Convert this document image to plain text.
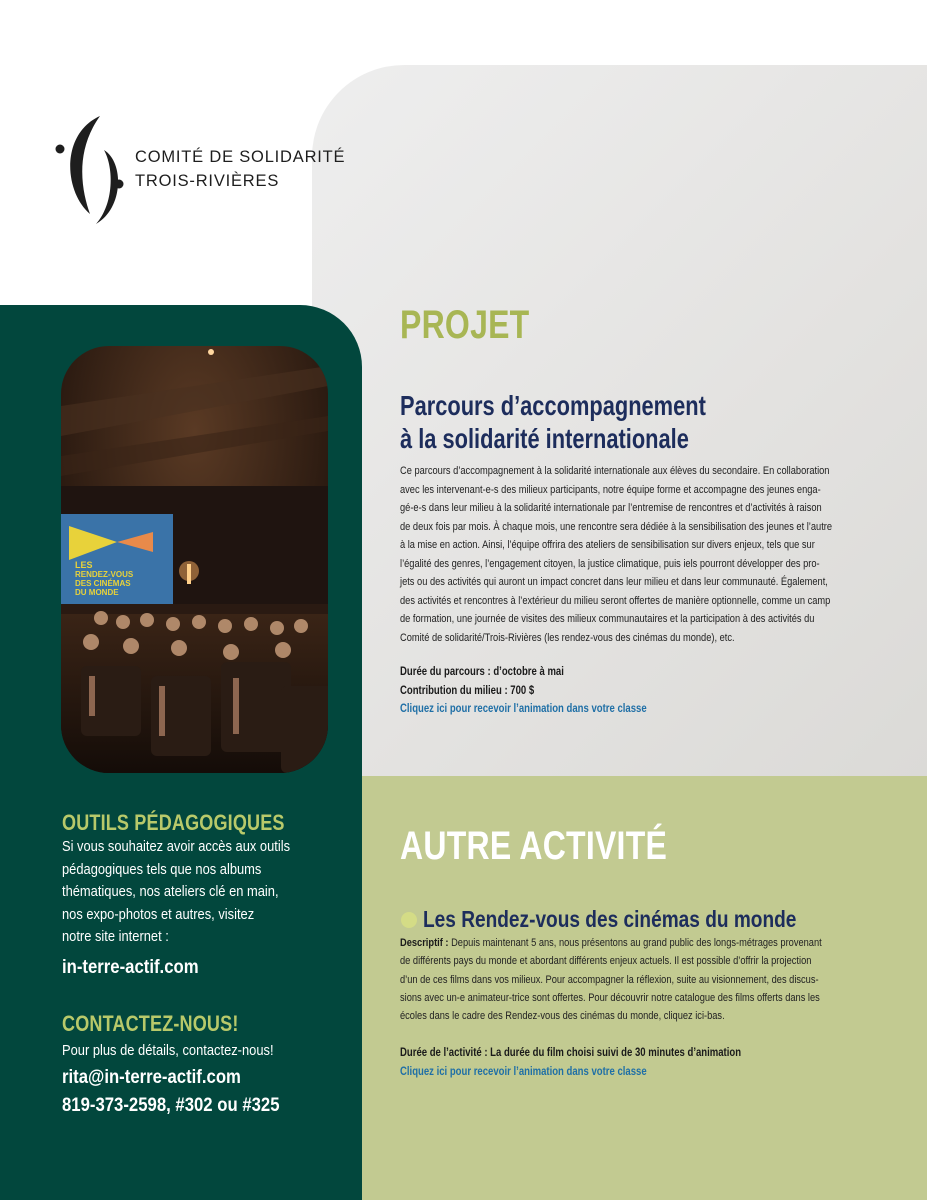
COMITÉ DE SOLIDARITÉ
TROIS-RIVIÈRES
LES
RENDEZ-VOUS
DES CINÉMAS
DU MONDE
OUTILS PÉDAGOGIQUES
Si vous souhaitez avoir accès aux outils
pédagogiques tels que nos albums
thématiques, nos ateliers clé en main,
nos expo-photos et autres, visitez
notre site internet :
in-terre-actif.com
CONTACTEZ-NOUS!
Pour plus de détails, contactez-nous!
rita@in-terre-actif.com
819-373-2598, #302 ou #325
PROJET
Parcours d’accompagnement
à la solidarité internationale
Ce parcours d’accompagnement à la solidarité internationale aux élèves du secondaire. En collaboration
avec les intervenant-e-s des milieux participants, notre équipe forme et accompagne des jeunes enga-
gé-e-s dans leur milieu à la solidarité internationale par l’entremise de rencontres et d’activités à raison
de deux fois par mois. À chaque mois, une rencontre sera dédiée à la sensibilisation des jeunes et l’autre
à la mise en action. Ainsi, l’équipe offrira des ateliers de sensibilisation sur divers enjeux, tels que sur
l’égalité des genres, l’engagement citoyen, la justice climatique, puis iels pourront développer des pro-
jets ou des activités qui auront un impact concret dans leur milieu et dans leur communauté. Également,
des activités et rencontres à l’extérieur du milieu seront offertes de manière optionnelle, comme un camp
de formation, une journée de visites des milieux communautaires et la participation à des activités du
Comité de solidarité/Trois-Rivières (les rendez-vous des cinémas du monde), etc.
Durée du parcours : d’octobre à mai
Contribution du milieu : 700 $
Cliquez ici pour recevoir l’animation dans votre classe
AUTRE ACTIVITÉ
Les Rendez-vous des cinémas du monde
Descriptif : Depuis maintenant 5 ans, nous présentons au grand public des longs-métrages provenant
de différents pays du monde et abordant différents enjeux actuels. Il est possible d’offrir la projection
d’un de ces films dans vos milieux. Pour accompagner la réflexion, suite au visionnement, des discus-
sions avec un-e animateur-trice sont offertes. Pour découvrir notre catalogue des films offerts dans les
écoles dans le cadre des Rendez-vous des cinémas du monde, cliquez ici-bas.
Durée de l’activité : La durée du film choisi suivi de 30 minutes d’animation
Cliquez ici pour recevoir l’animation dans votre classe
